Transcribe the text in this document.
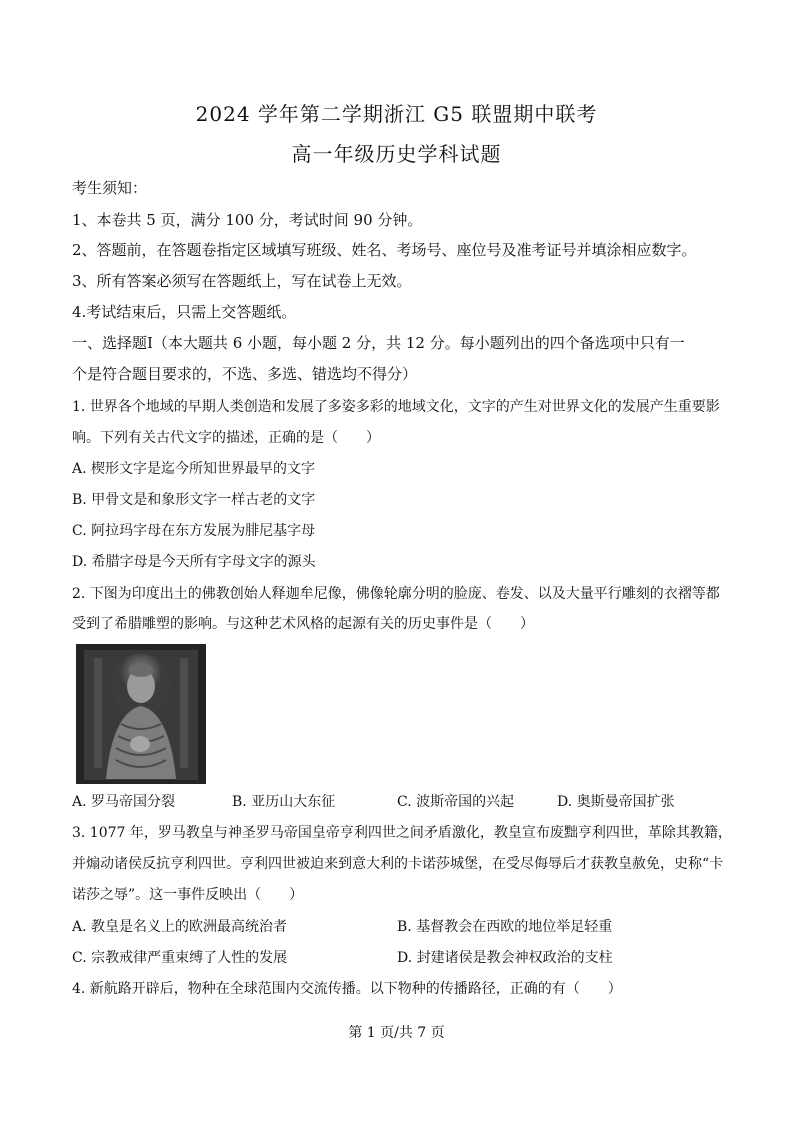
2024 学年第二学期浙江 G5 联盟期中联考
高一年级历史学科试题
考生须知：
1、本卷共 5 页，满分 100 分，考试时间 90 分钟。
2、答题前，在答题卷指定区域填写班级、姓名、考场号、座位号及准考证号并填涂相应数字。
3、所有答案必须写在答题纸上，写在试卷上无效。
4.考试结束后，只需上交答题纸。
一、选择题Ⅰ（本大题共 6 小题，每小题 2 分，共 12 分。每小题列出的四个备选项中只有一
个是符合题目要求的，不选、多选、错选均不得分）
1. 世界各个地域的早期人类创造和发展了多姿多彩的地域文化，文字的产生对世界文化的发展产生重要影
响。下列有关古代文字的描述，正确的是（　　）
A. 楔形文字是迄今所知世界最早的文字
B. 甲骨文是和象形文字一样古老的文字
C. 阿拉玛字母在东方发展为腓尼基字母
D. 希腊字母是今天所有字母文字的源头
2. 下图为印度出土的佛教创始人释迦牟尼像，佛像轮廓分明的脸庞、卷发、以及大量平行雕刻的衣褶等都
受到了希腊雕塑的影响。与这种艺术风格的起源有关的历史事件是（　　）
A. 罗马帝国分裂	B. 亚历山大东征	C. 波斯帝国的兴起	D. 奥斯曼帝国扩张
3. 1077 年，罗马教皇与神圣罗马帝国皇帝亨利四世之间矛盾激化，教皇宣布废黜亨利四世，革除其教籍，
并煽动诸侯反抗亨利四世。亨利四世被迫来到意大利的卡诺莎城堡，在受尽侮辱后才获教皇赦免，史称“卡
诺莎之辱”。这一事件反映出（　　）
A. 教皇是名义上的欧洲最高统治者	B. 基督教会在西欧的地位举足轻重
C. 宗教戒律严重束缚了人性的发展	D. 封建诸侯是教会神权政治的支柱
4. 新航路开辟后，物种在全球范围内交流传播。以下物种的传播路径，正确的有（　　）
第 1 页/共 7 页
